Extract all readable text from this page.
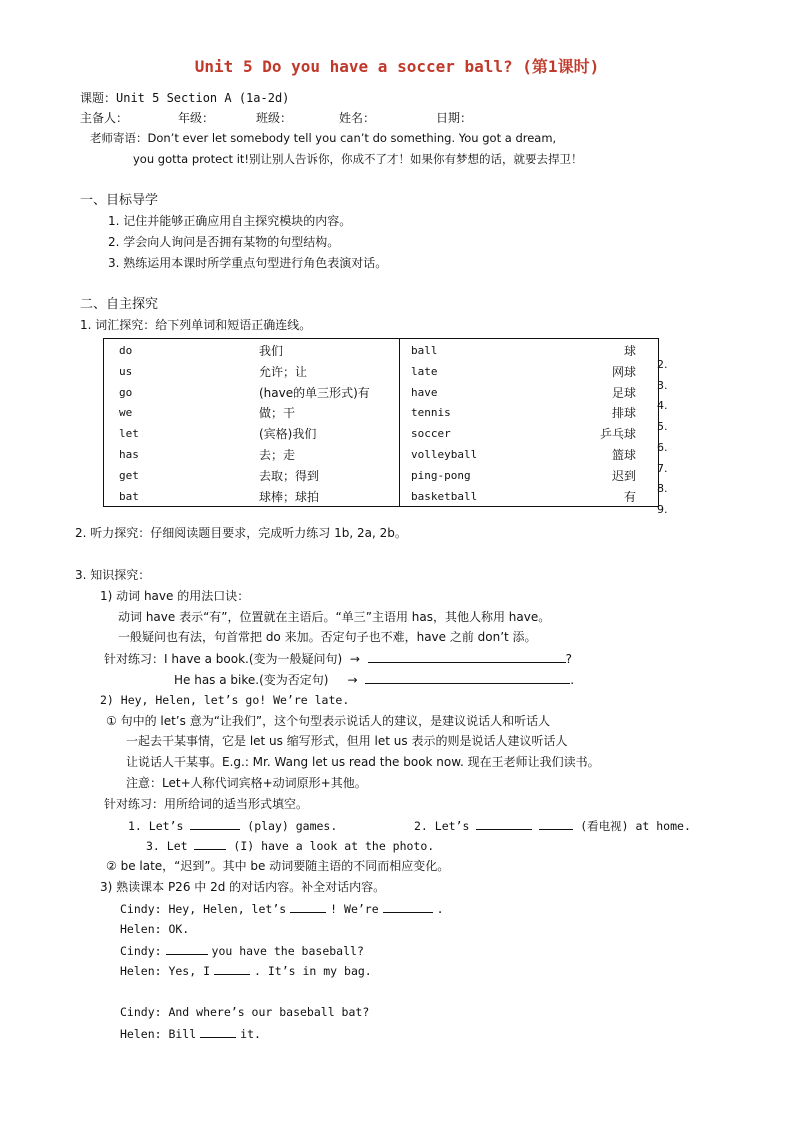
Unit 5 Do you have a soccer ball? (第1课时)
课题：Unit 5 Section A (1a-2d)
主备人：	年级：	班级：	姓名：	日期：
老师寄语：Don’t ever let somebody tell you can’t do something. You got a dream,
you gotta protect it!别让别人告诉你，你成不了才！如果你有梦想的话，就要去捍卫！
一、目标导学
1. 记住并能够正确应用自主探究模块的内容。
2. 学会向人询问是否拥有某物的句型结构。
3. 熟练运用本课时所学重点句型进行角色表演对话。
二、自主探究
1. 词汇探究：给下列单词和短语正确连线。
do	我们	ball	球
us	允许；让	late	网球
go	(have的单三形式)有	have	足球
we	做；干	tennis	排球
let	(宾格)我们	soccer	乒乓球
has	去；走	volleyball	篮球
get	去取；得到	ping-pong	迟到
bat	球棒；球拍	basketball	有
2.
3.
4.
5.
6.
7.
8.
9.
2. 听力探究：仔细阅读题目要求，完成听力练习 1b, 2a, 2b。
3. 知识探究：
1) 动词 have 的用法口诀：
动词 have 表示“有”，位置就在主语后。“单三”主语用 has，其他人称用 have。
一般疑问也有法，句首常把 do 来加。否定句子也不难，have 之前 don’t 添。
针对练习：I have a book.(变为一般疑问句)  →	?
He has a bike.(变为否定句)     →	.
2) Hey, Helen, let’s go! We’re late.
① 句中的 let’s 意为“让我们”，这个句型表示说话人的建议，是建议说话人和听话人
一起去干某事情，它是 let us 缩写形式，但用 let us 表示的则是说话人建议听话人
让说话人干某事。E.g.: Mr. Wang let us read the book now. 现在王老师让我们读书。
注意：Let+人称代词宾格+动词原形+其他。
针对练习：用所给词的适当形式填空。
1. Let’s	(play) games.	2. Let’s	(看电视) at home.
3. Let	(I) have a look at the photo.
② be late，“迟到”。其中 be 动词要随主语的不同而相应变化。
3) 熟读课本 P26 中 2d 的对话内容。补全对话内容。
Cindy: Hey, Helen, let’s	! We’re	.
Helen: OK.
Cindy:	you have the baseball?
Helen: Yes, I	. It’s in my bag.
Cindy: And where’s our baseball bat?
Helen: Bill	it.
